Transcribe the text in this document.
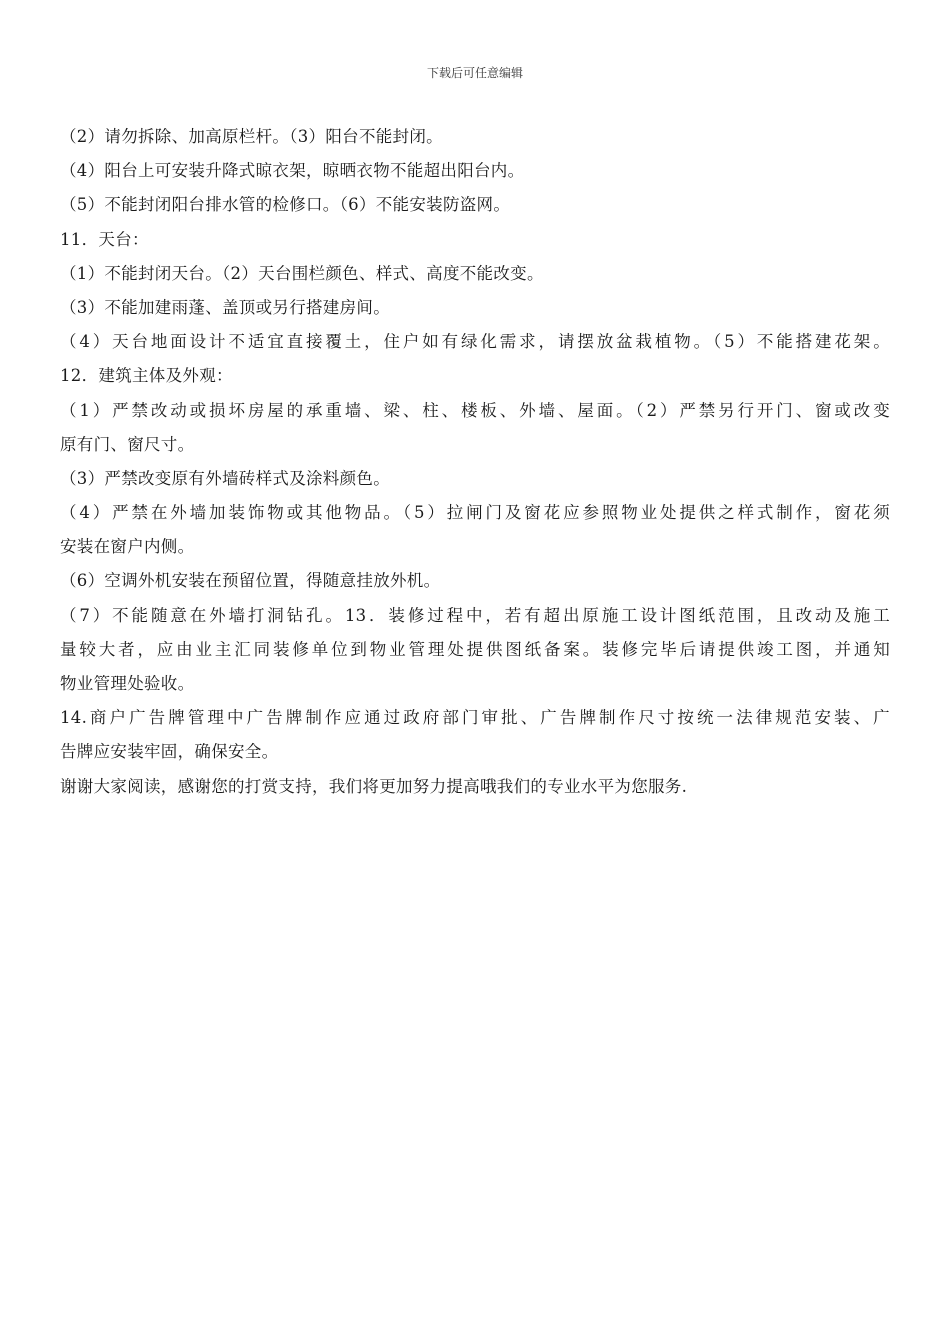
下载后可任意编辑
（2）请勿拆除、加高原栏杆。（3）阳台不能封闭。
（4）阳台上可安装升降式晾衣架，晾晒衣物不能超出阳台内。
（5）不能封闭阳台排水管的检修口。（6）不能安装防盗网。
11．天台：
（1）不能封闭天台。（2）天台围栏颜色、样式、高度不能改变。
（3）不能加建雨蓬、盖顶或另行搭建房间。
（4）天台地面设计不适宜直接覆土，住户如有绿化需求，请摆放盆栽植物。（5）不能搭建花架。
12．建筑主体及外观：
（1）严禁改动或损坏房屋的承重墙、梁、柱、楼板、外墙、屋面。（2）严禁另行开门、窗或改变
原有门、窗尺寸。
（3）严禁改变原有外墙砖样式及涂料颜色。
（4）严禁在外墙加装饰物或其他物品。（5）拉闸门及窗花应参照物业处提供之样式制作，窗花须
安装在窗户内侧。
（6）空调外机安装在预留位置，得随意挂放外机。
（7）不能随意在外墙打洞钻孔。13．装修过程中，若有超出原施工设计图纸范围，且改动及施工
量较大者，应由业主汇同装修单位到物业管理处提供图纸备案。装修完毕后请提供竣工图，并通知
物业管理处验收。
14.商户广告牌管理中广告牌制作应通过政府部门审批、广告牌制作尺寸按统一法律规范安装、广
告牌应安装牢固，确保安全。
谢谢大家阅读，感谢您的打赏支持，我们将更加努力提高哦我们的专业水平为您服务.
